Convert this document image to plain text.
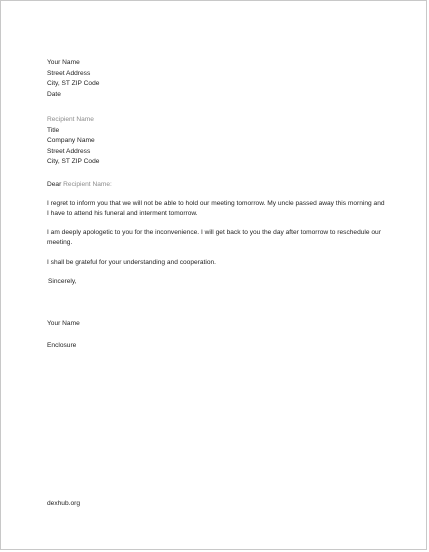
Your Name
Street Address
City, ST ZIP Code
Date
Recipient Name
Title
Company Name
Street Address
City, ST ZIP Code
Dear Recipient Name:
I regret to inform you that we will not be able to hold our meeting tomorrow. My uncle passed away this morning and I have to attend his funeral and interment tomorrow.
I am deeply apologetic to you for the inconvenience. I will get back to you the day after tomorrow to reschedule our meeting.
I shall be grateful for your understanding and cooperation.
Sincerely,
Your Name
Enclosure
dexhub.org
